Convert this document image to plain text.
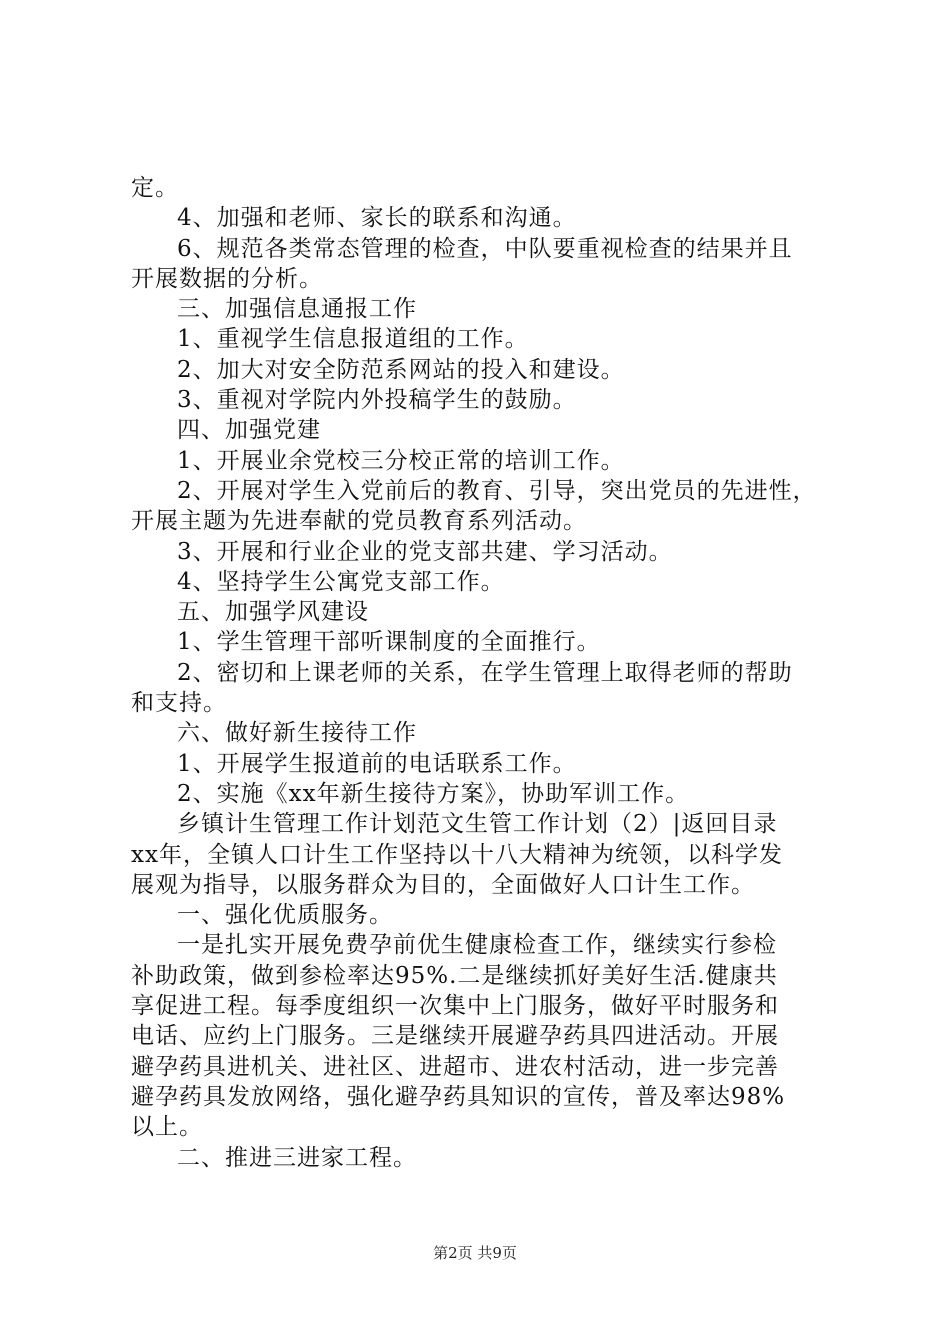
定。
4、加强和老师、家长的联系和沟通。
6、规范各类常态管理的检查，中队要重视检查的结果并且
开展数据的分析。
三、加强信息通报工作
1、重视学生信息报道组的工作。
2、加大对安全防范系网站的投入和建设。
3、重视对学院内外投稿学生的鼓励。
四、加强党建
1、开展业余党校三分校正常的培训工作。
2、开展对学生入党前后的教育、引导，突出党员的先进性，
开展主题为先进奉献的党员教育系列活动。
3、开展和行业企业的党支部共建、学习活动。
4、坚持学生公寓党支部工作。
五、加强学风建设
1、学生管理干部听课制度的全面推行。
2、密切和上课老师的关系，在学生管理上取得老师的帮助
和支持。
六、做好新生接待工作
1、开展学生报道前的电话联系工作。
2、实施《xx年新生接待方案》，协助军训工作。
乡镇计生管理工作计划范文生管工作计划（2）|返回目录
xx年，全镇人口计生工作坚持以十八大精神为统领，以科学发
展观为指导，以服务群众为目的，全面做好人口计生工作。
一、强化优质服务。
一是扎实开展免费孕前优生健康检查工作，继续实行参检
补助政策，做到参检率达95%.二是继续抓好美好生活.健康共
享促进工程。每季度组织一次集中上门服务，做好平时服务和
电话、应约上门服务。三是继续开展避孕药具四进活动。开展
避孕药具进机关、进社区、进超市、进农村活动，进一步完善
避孕药具发放网络，强化避孕药具知识的宣传，普及率达98%
以上。
二、推进三进家工程。
第2页 共9页
